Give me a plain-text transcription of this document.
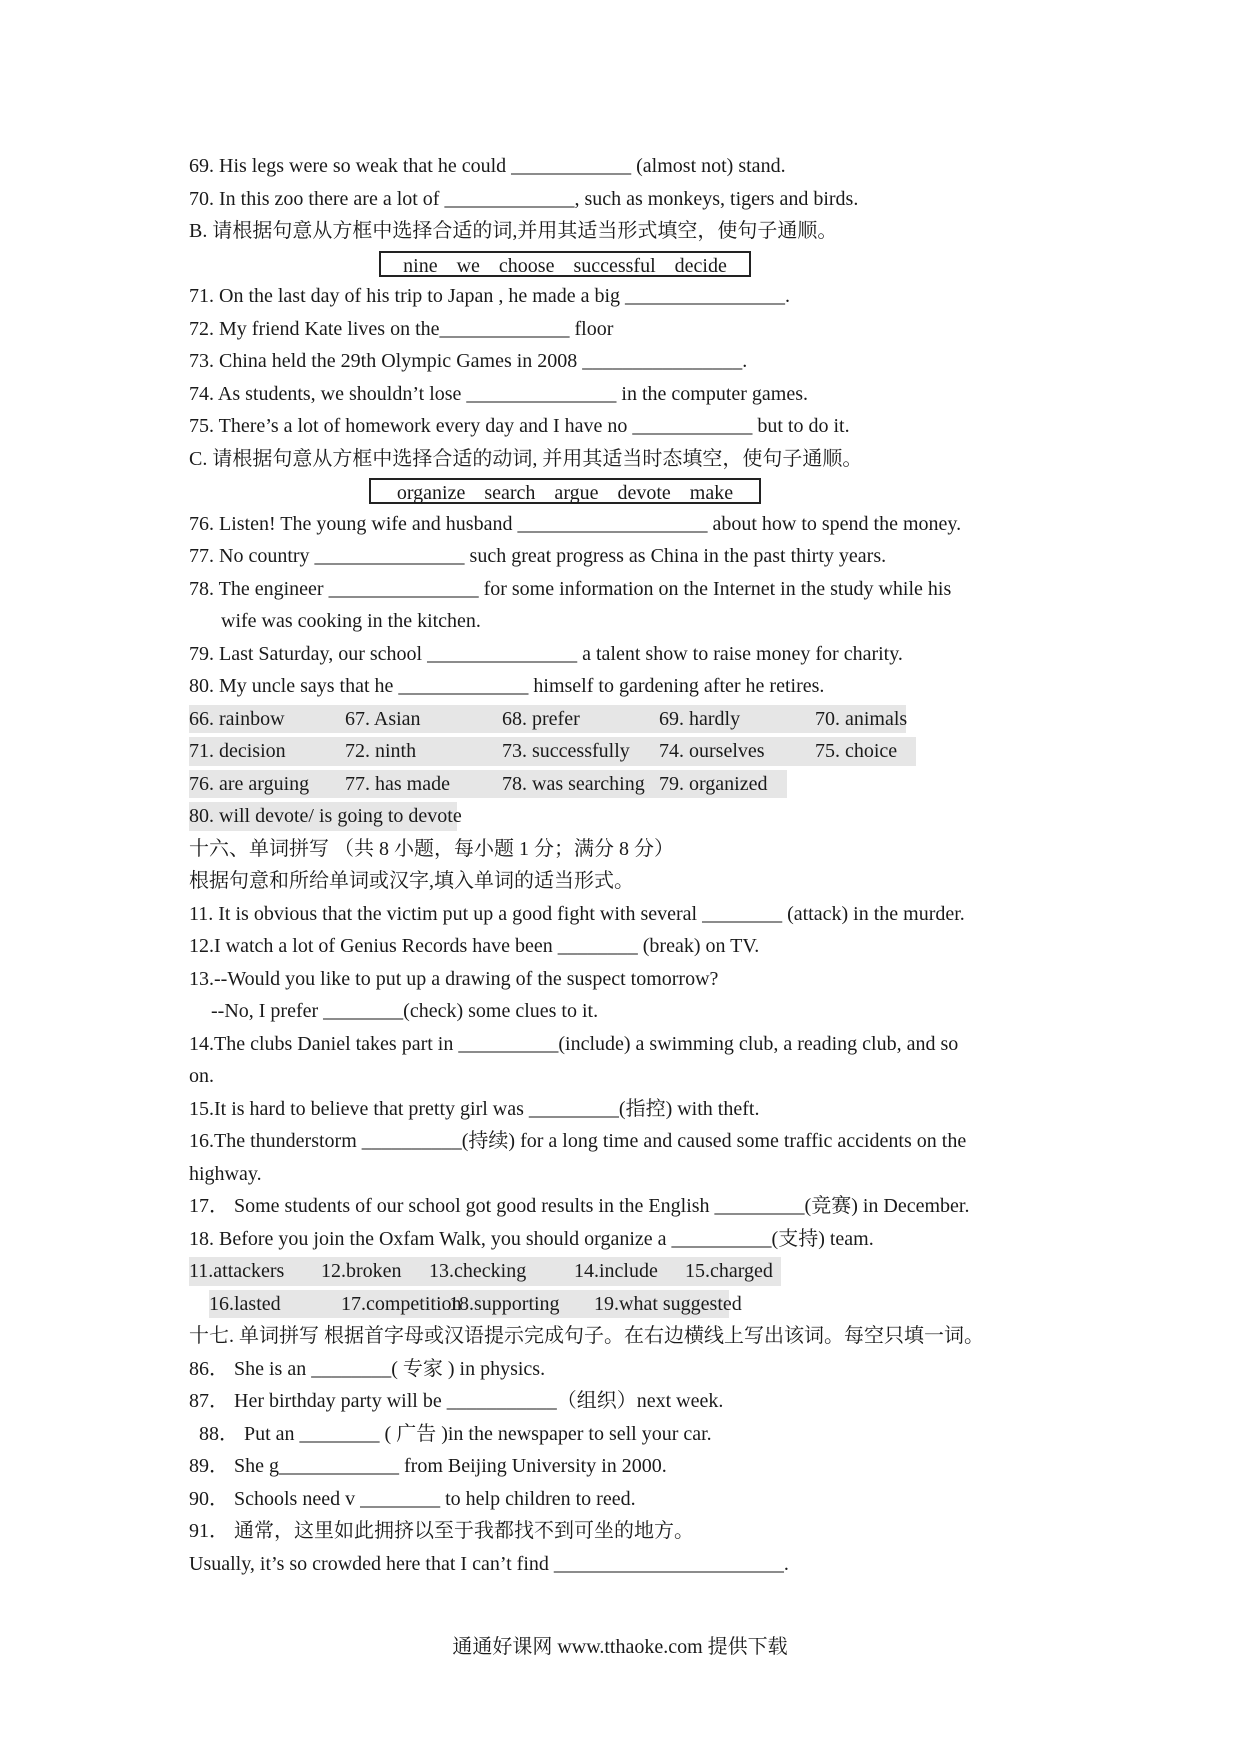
69. His legs were so weak that he could ____________ (almost not) stand.
70. In this zoo there are a lot of _____________, such as monkeys, tigers and birds.
B. 请根据句意从方框中选择合适的词,并用其适当形式填空，使句子通顺。
nine we choose successful decide
71. On the last day of his trip to Japan , he made a big ________________.
72. My friend Kate lives on the_____________ floor
73. China held the 29th Olympic Games in 2008 ________________.
74. As students, we shouldn’t lose _______________ in the computer games.
75. There’s a lot of homework every day and I have no ____________ but to do it.
C. 请根据句意从方框中选择合适的动词, 并用其适当时态填空，使句子通顺。
organize search argue devote make
76. Listen! The young wife and husband ___________________ about how to spend the money.
77. No country _______________ such great progress as China in the past thirty years.
78. The engineer _______________ for some information on the Internet in the study while his
wife was cooking in the kitchen.
79. Last Saturday, our school _______________ a talent show to raise money for charity.
80. My uncle says that he _____________ himself to gardening after he retires.
66. rainbow	67. Asian	68. prefer	69. hardly	70. animals
71. decision	72. ninth	73. successfully 74. ourselves	75. choice
76. are arguing 77. has made	78. was searching 79. organized
80. will devote/ is going to devote
十六、单词拼写 （共 8 小题，每小题 1 分；满分 8 分）
根据句意和所给单词或汉字,填入单词的适当形式。
11. It is obvious that the victim put up a good fight with several ________ (attack) in the murder.
12.I watch a lot of Genius Records have been ________ (break) on TV.
13.--Would you like to put up a drawing of the suspect tomorrow?
--No, I prefer ________(check) some clues to it.
14.The clubs Daniel takes part in __________(include) a swimming club, a reading club, and so
on.
15.It is hard to believe that pretty girl was _________(指控) with theft.
16.The thunderstorm __________(持续) for a long time and caused some traffic accidents on the
highway.
17． Some students of our school got good results in the English _________(竞赛) in December.
18. Before you join the Oxfam Walk, you should organize a __________(支持) team.
11.attackers 12.broken 13.checking 14.include 15.charged
16.lasted	17.competition
18.supporting 19.what suggested
十七. 单词拼写 根据首字母或汉语提示完成句子。在右边横线上写出该词。每空只填一词。
86． She is an ________( 专家 ) in physics.
87． Her birthday party will be ___________（组织）next week.
88． Put an ________ ( 广告 )in the newspaper to sell your car.
89． She g____________ from Beijing University in 2000.
90． Schools need v ________ to help children to reed.
91． 通常，这里如此拥挤以至于我都找不到可坐的地方。
Usually, it’s so crowded here that I can’t find _______________________.
通通好课网 www.tthaoke.com 提供下载
